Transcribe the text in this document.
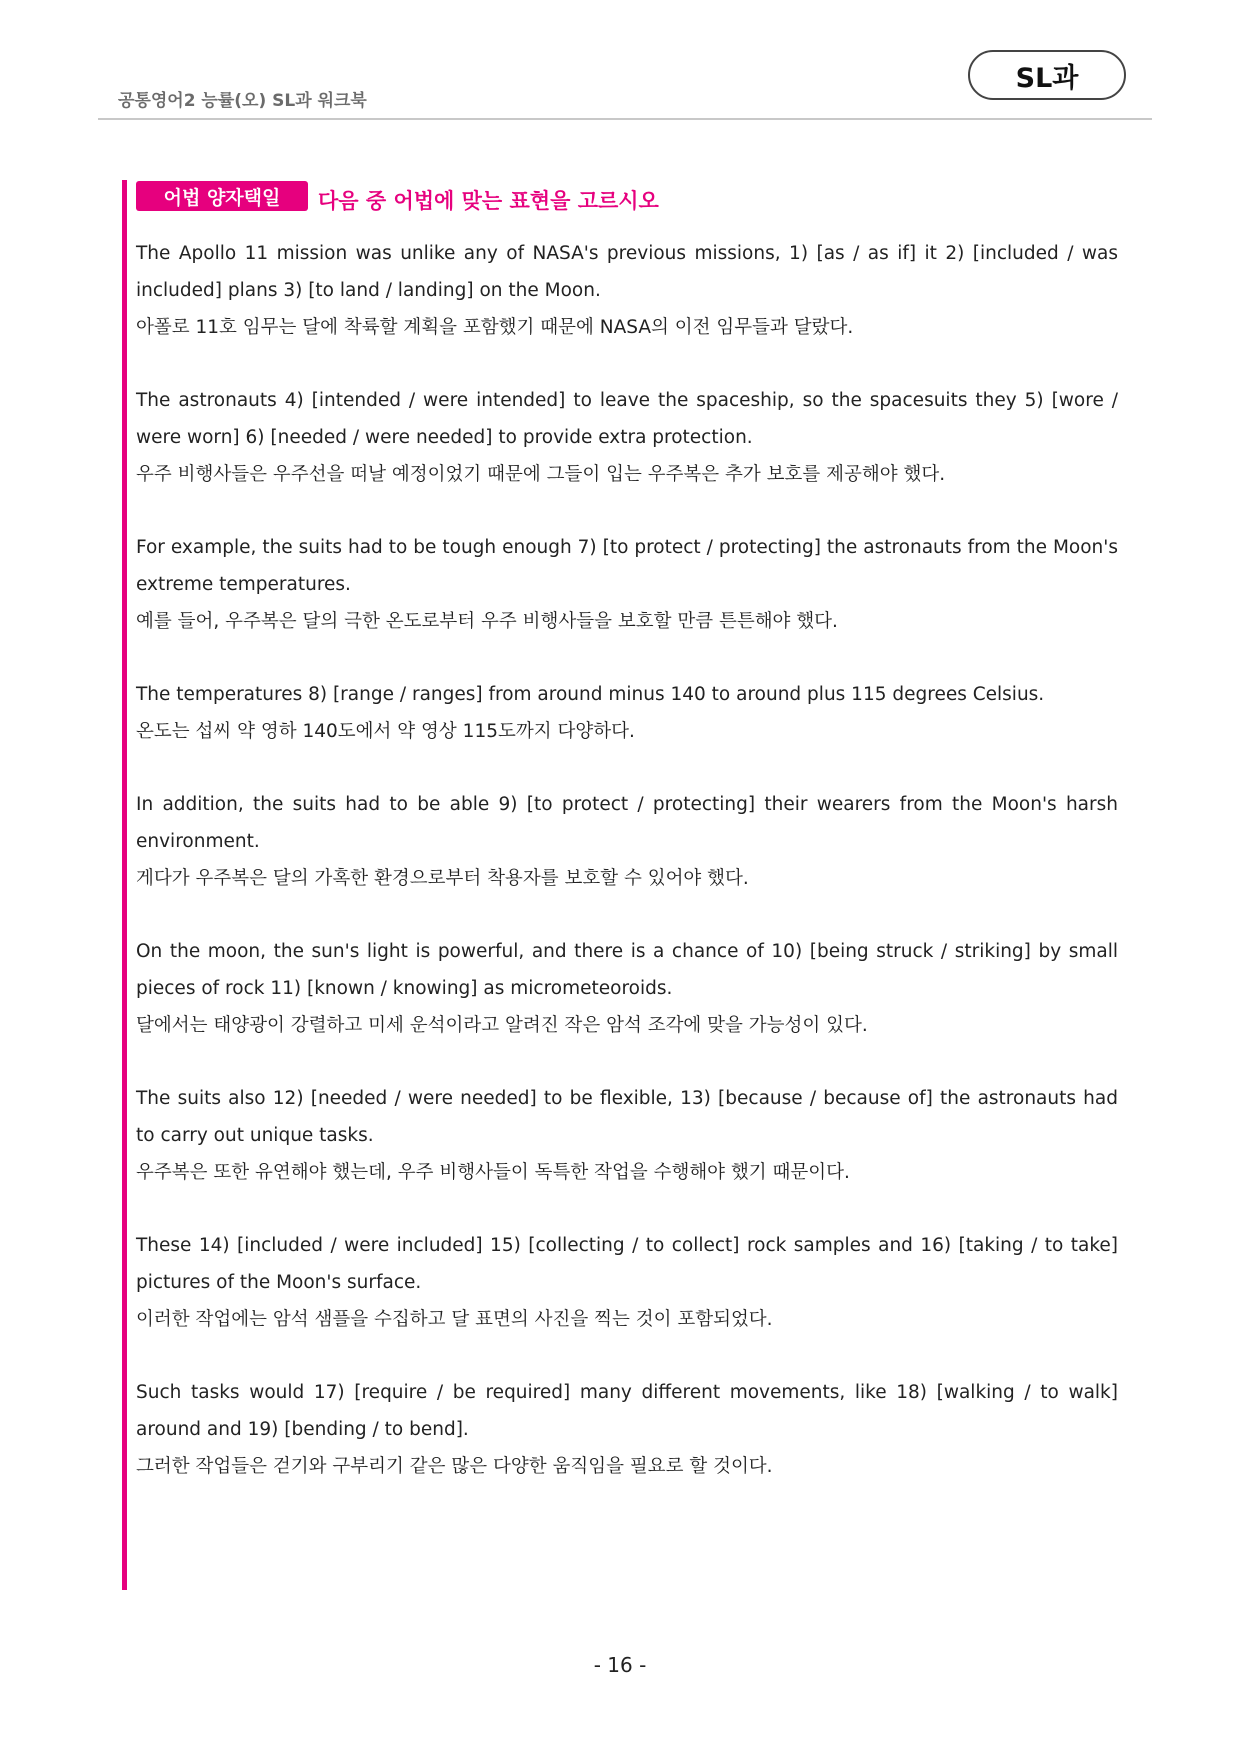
공통영어2 능률(오) SL과 워크북
SL과
어법 양자택일	다음 중 어법에 맞는 표현을 고르시오

The Apollo 11 mission was unlike any of NASA's previous missions, 1) [as / as if] it 2) [included / was included] plans 3) [to land / landing] on the Moon.

아폴로 11호 임무는 달에 착륙할 계획을 포함했기 때문에 NASA의 이전 임무들과 달랐다.

The astronauts 4) [intended / were intended] to leave the spaceship, so the spacesuits they 5) [wore / were worn] 6) [needed / were needed] to provide extra protection.

우주 비행사들은 우주선을 떠날 예정이었기 때문에 그들이 입는 우주복은 추가 보호를 제공해야 했다.

For example, the suits had to be tough enough 7) [to protect / protecting] the astronauts from the Moon's extreme temperatures.

예를 들어, 우주복은 달의 극한 온도로부터 우주 비행사들을 보호할 만큼 튼튼해야 했다.

The temperatures 8) [range / ranges] from around minus 140 to around plus 115 degrees Celsius.

온도는 섭씨 약 영하 140도에서 약 영상 115도까지 다양하다.

In addition, the suits had to be able 9) [to protect / protecting] their wearers from the Moon's harsh environment.

게다가 우주복은 달의 가혹한 환경으로부터 착용자를 보호할 수 있어야 했다.

On the moon, the sun's light is powerful, and there is a chance of 10) [being struck / striking] by small pieces of rock 11) [known / knowing] as micrometeoroids.

달에서는 태양광이 강렬하고 미세 운석이라고 알려진 작은 암석 조각에 맞을 가능성이 있다.

The suits also 12) [needed / were needed] to be flexible, 13) [because / because of] the astronauts had to carry out unique tasks.

우주복은 또한 유연해야 했는데, 우주 비행사들이 독특한 작업을 수행해야 했기 때문이다.

These 14) [included / were included] 15) [collecting / to collect] rock samples and 16) [taking / to take] pictures of the Moon's surface.

이러한 작업에는 암석 샘플을 수집하고 달 표면의 사진을 찍는 것이 포함되었다.

Such tasks would 17) [require / be required] many different movements, like 18) [walking / to walk] around and 19) [bending / to bend].

그러한 작업들은 걷기와 구부리기 같은 많은 다양한 움직임을 필요로 할 것이다.

- 16 -
